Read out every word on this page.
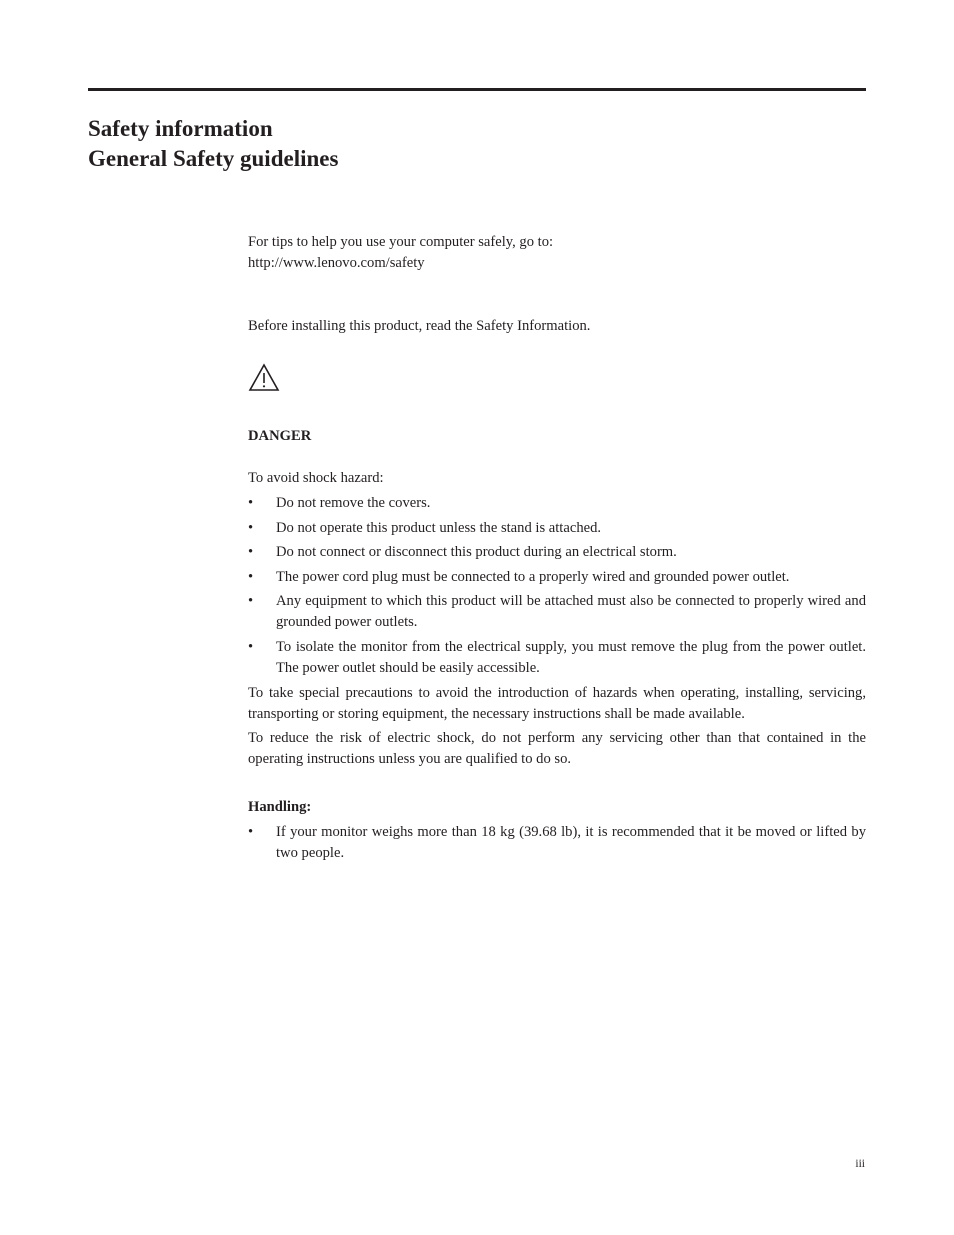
Safety information
General Safety guidelines

For tips to help you use your computer safely, go to:

http://www.lenovo.com/safety

Before installing this product, read the Safety Information.

DANGER

To avoid shock hazard:

• Do not remove the covers.
• Do not operate this product unless the stand is attached.
• Do not connect or disconnect this product during an electrical storm.
• The power cord plug must be connected to a properly wired and grounded power outlet.
• Any equipment to which this product will be attached must also be connected to properly wired and grounded power outlets.
• To isolate the monitor from the electrical supply, you must remove the plug from the power outlet. The power outlet should be easily accessible.

To take special precautions to avoid the introduction of hazards when operating, installing, servicing, transporting or storing equipment, the necessary instructions shall be made available.

To reduce the risk of electric shock, do not perform any servicing other than that contained in the operating instructions unless you are qualified to do so.

Handling:

• If your monitor weighs more than 18 kg (39.68 lb), it is recommended that it be moved or lifted by two people.
iii
